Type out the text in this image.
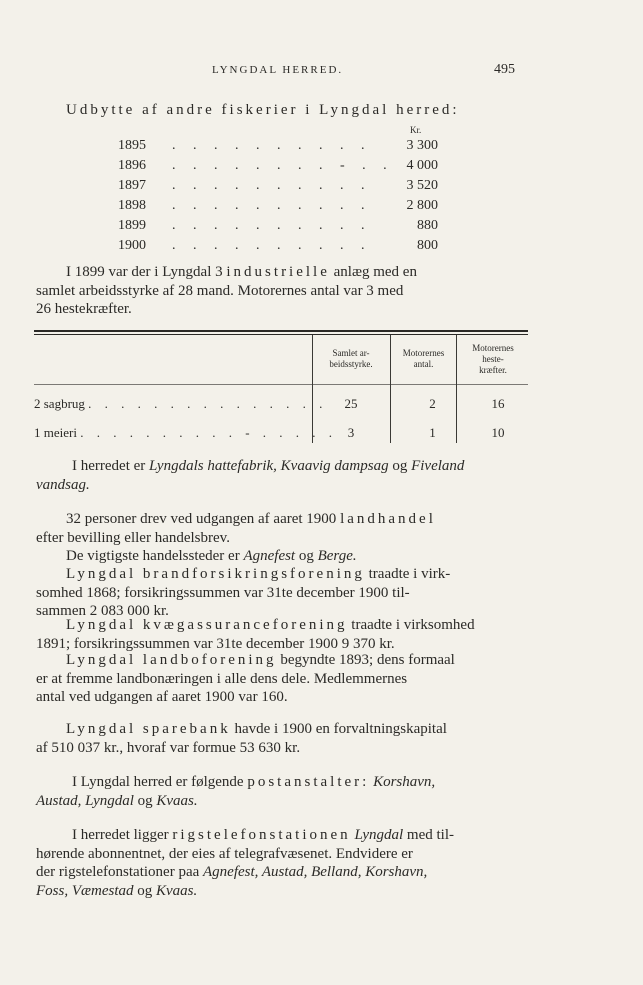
LYNGDAL HERRED.	495
Udbytte af andre fiskerier i Lyngdal herred:
Kr.
1895 . . . . . . . . . .	3 300
1896 . . . . . . . . - . . 4 000
1897 . . . . . . . . . .	3 520
1898 . . . . . . . . . .	2 800
1899 . . . . . . . . . .	880
1900 . . . . . . . . . .	800
I 1899 var der i Lyngdal 3 industrielle anlæg med en
samlet arbeidsstyrke af 28 mand. Motorernes antal var 3 med
26 hestekræfter.
Samlet ar-
beidsstyrke.
Motorernes
antal.
Motorernes
heste-
kræfter.
2 sagbrug . . . . . . . . . . . . . . .	25	2	16
1 meieri . . . . . . . . . . - . . . . . 3	1	10
I herredet er Lyngdals hattefabrik, Kvaavig dampsag og Fiveland
vandsag.
32 personer drev ved udgangen af aaret 1900 landhandel
efter bevilling eller handelsbrev.
De vigtigste handelssteder er Agnefest og Berge.
Lyngdal brandforsikringsforening traadte i virk-
somhed 1868; forsikringssummen var 31te december 1900 til-
sammen 2 083 000 kr.
Lyngdal kvægassuranceforening traadte i virksomhed
1891; forsikringssummen var 31te december 1900 9 370 kr.
Lyngdal landboforening begyndte 1893; dens formaal
er at fremme landbonæringen i alle dens dele. Medlemmernes
antal ved udgangen af aaret 1900 var 160.
Lyngdal sparebank havde i 1900 en forvaltningskapital
af 510 037 kr., hvoraf var formue 53 630 kr.
I Lyngdal herred er følgende postanstalter: Korshavn,
Austad, Lyngdal og Kvaas.
I herredet ligger rigstelefonstationen Lyngdal med til-
hørende abonnentnet, der eies af telegrafvæsenet. Endvidere er
der rigstelefonstationer paa Agnefest, Austad, Belland, Korshavn,
Foss, Væmestad og Kvaas.
